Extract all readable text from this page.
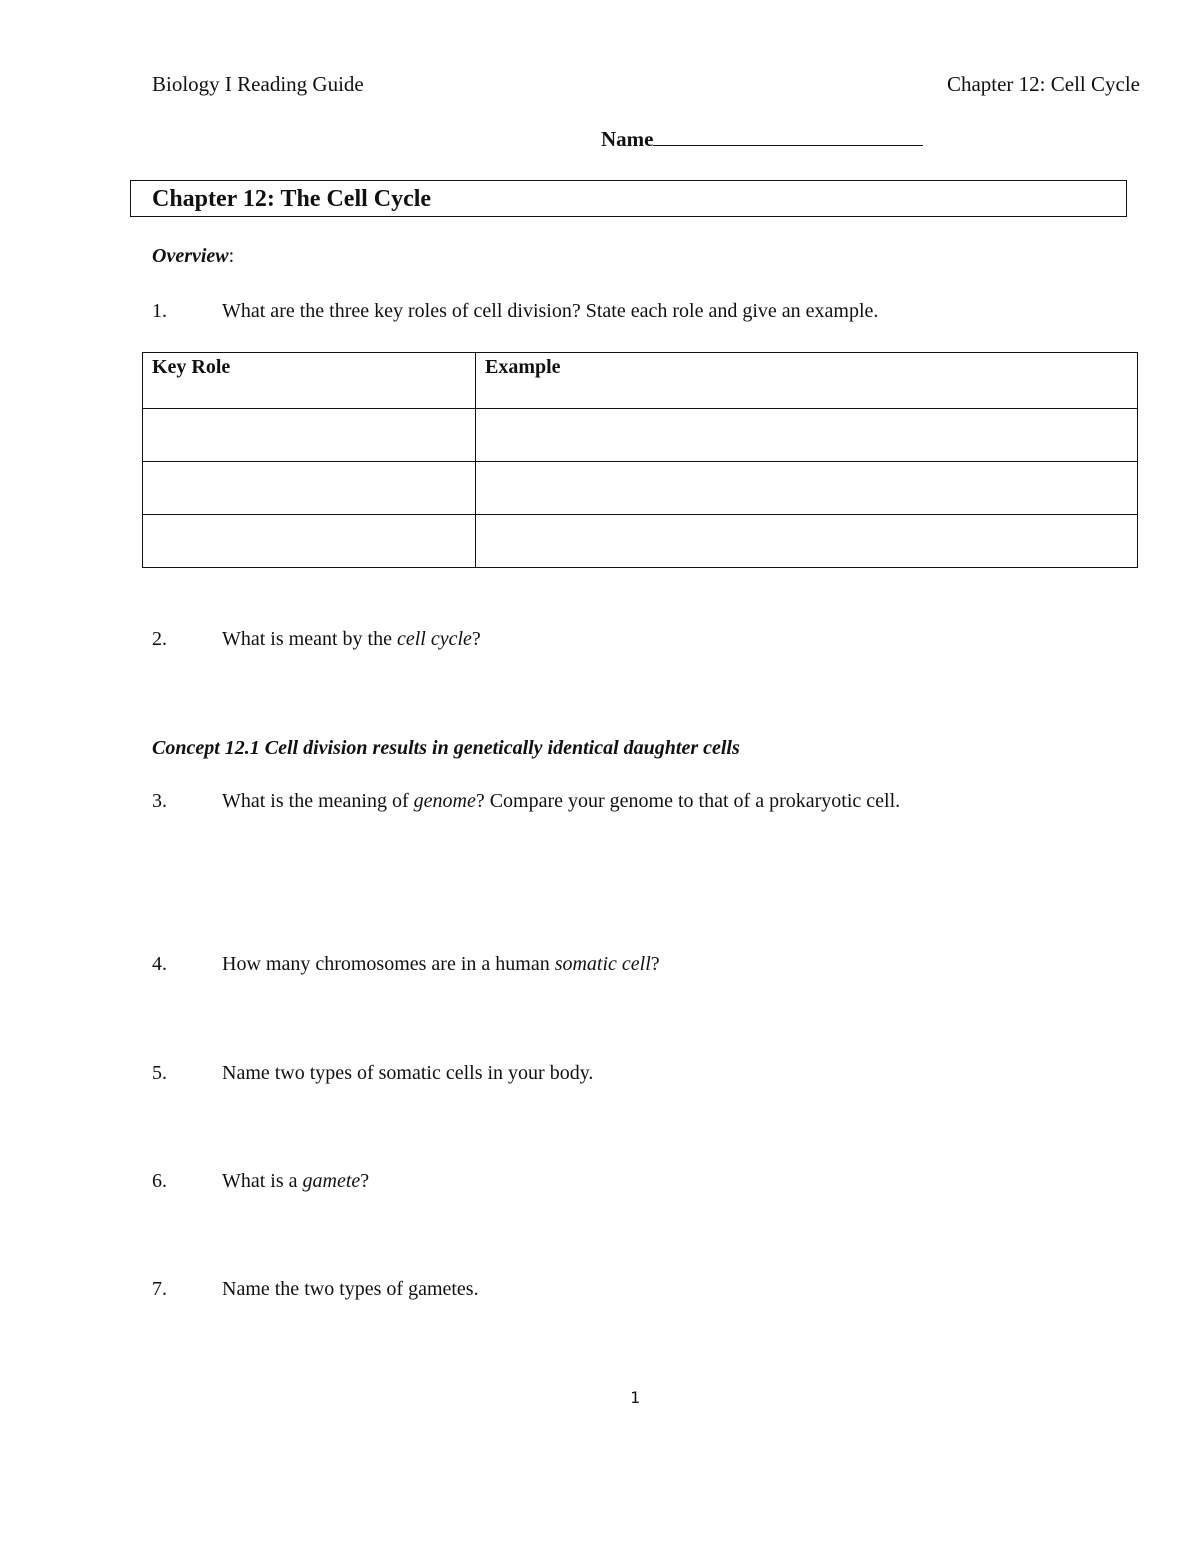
Biology I Reading Guide	Chapter 12: Cell Cycle
Name
Chapter 12: The Cell Cycle
Overview:
1.	What are the three key roles of cell division? State each role and give an example.
Key Role	Example

2.	What is meant by the cell cycle?
Concept 12.1 Cell division results in genetically identical daughter cells
3.	What is the meaning of genome? Compare your genome to that of a prokaryotic cell.
4.	How many chromosomes are in a human somatic cell?
5.	Name two types of somatic cells in your body.
6.	What is a gamete?
7.	Name the two types of gametes.
1
